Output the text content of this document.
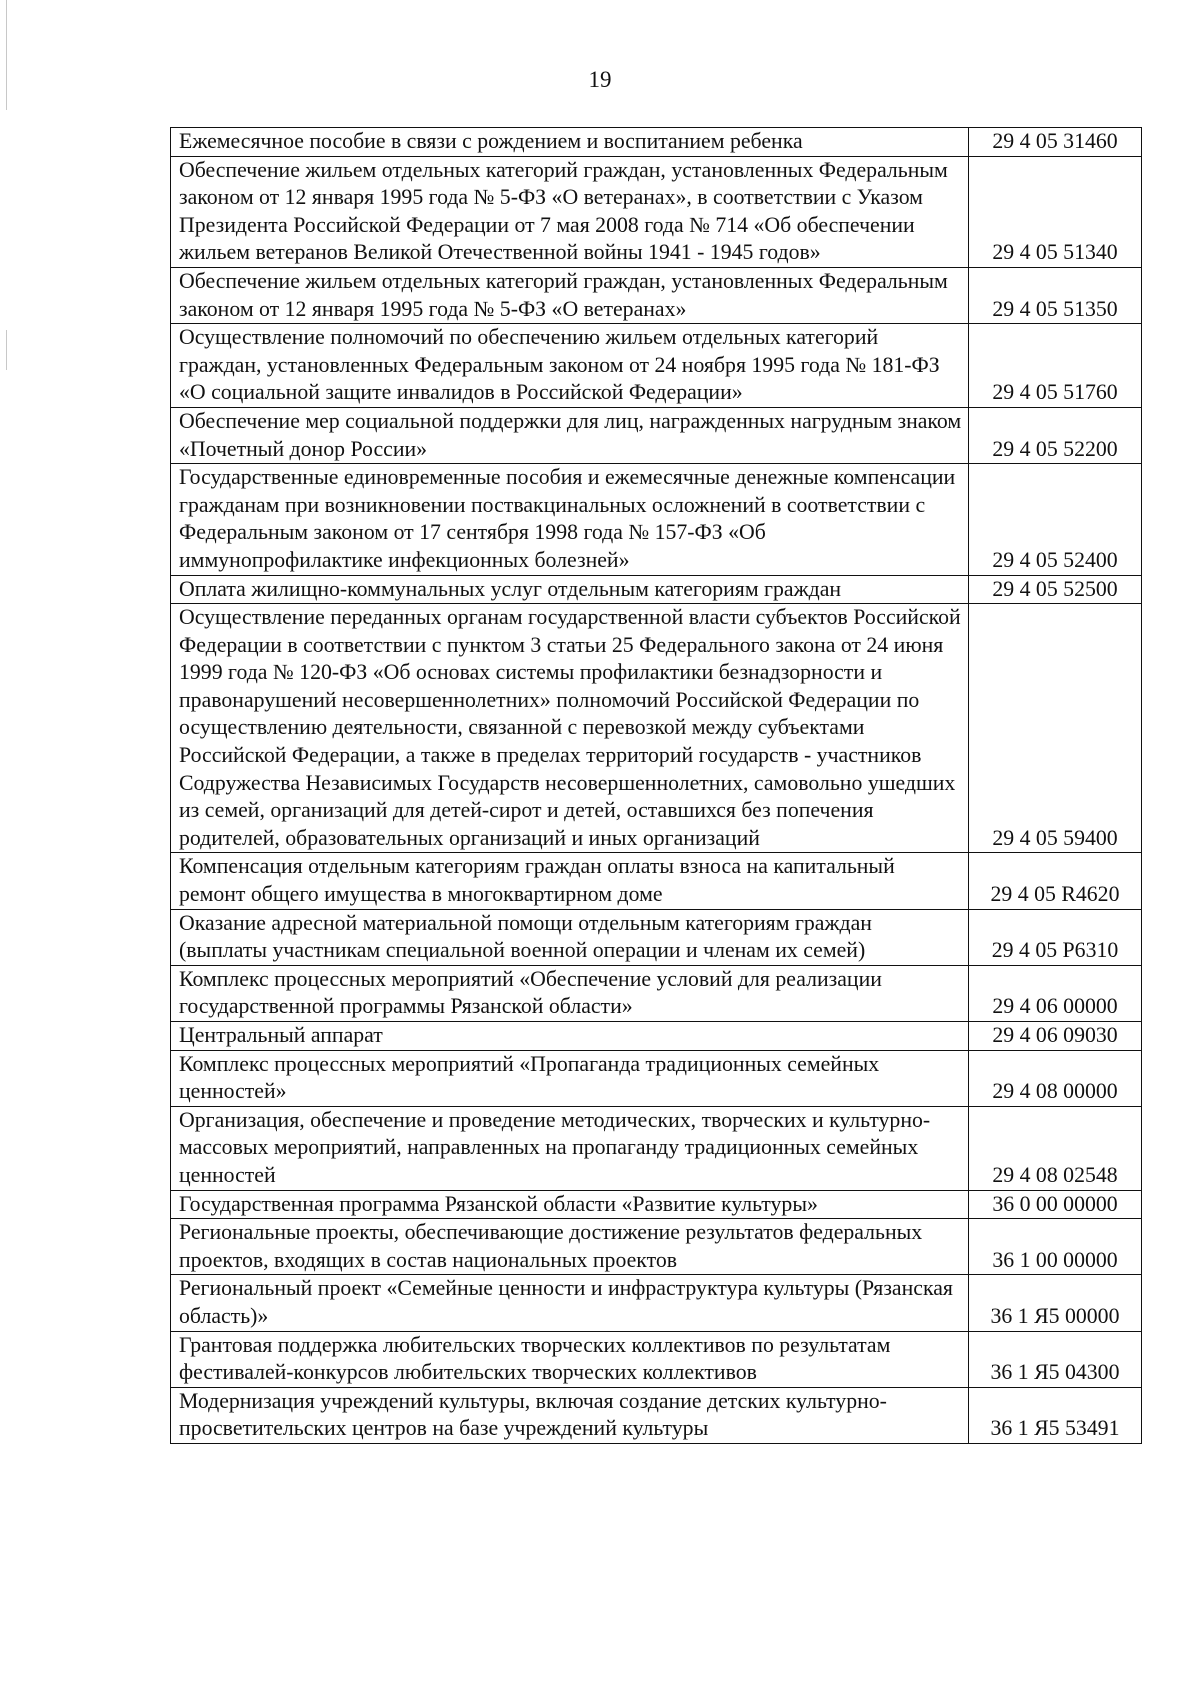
19
Ежемесячное пособие в связи с рождением и воспитанием ребенка	29 4 05 31460
Обеспечение жильем отдельных категорий граждан, установленных Федеральным законом от 12 января 1995 года № 5-ФЗ «О ветеранах», в соответствии с Указом Президента Российской Федерации от 7 мая 2008 года № 714 «Об обеспечении жильем ветеранов Великой Отечественной войны 1941 - 1945 годов»	29 4 05 51340
Обеспечение жильем отдельных категорий граждан, установленных Федеральным законом от 12 января 1995 года № 5-ФЗ «О ветеранах»	29 4 05 51350
Осуществление полномочий по обеспечению жильем отдельных категорий граждан, установленных Федеральным законом от 24 ноября 1995 года № 181-ФЗ «О социальной защите инвалидов в Российской Федерации»	29 4 05 51760
Обеспечение мер социальной поддержки для лиц, награжденных нагрудным знаком «Почетный донор России»	29 4 05 52200
Государственные единовременные пособия и ежемесячные денежные компенсации гражданам при возникновении поствакцинальных осложнений в соответствии с Федеральным законом от 17 сентября 1998 года № 157-ФЗ «Об иммунопрофилактике инфекционных болезней»	29 4 05 52400
Оплата жилищно-коммунальных услуг отдельным категориям граждан	29 4 05 52500
Осуществление переданных органам государственной власти субъектов Российской Федерации в соответствии с пунктом 3 статьи 25 Федерального закона от 24 июня 1999 года № 120-ФЗ «Об основах системы профилактики безнадзорности и правонарушений несовершеннолетних» полномочий Российской Федерации по осуществлению деятельности, связанной с перевозкой между субъектами Российской Федерации, а также в пределах территорий государств - участников Содружества Независимых Государств несовершеннолетних, самовольно ушедших из семей, организаций для детей-сирот и детей, оставшихся без попечения родителей, образовательных организаций и иных организаций	29 4 05 59400
Компенсация отдельным категориям граждан оплаты взноса на капитальный ремонт общего имущества в многоквартирном доме	29 4 05 R4620
Оказание адресной материальной помощи отдельным категориям граждан (выплаты участникам специальной военной операции и членам их семей)	29 4 05 P6310
Комплекс процессных мероприятий «Обеспечение условий для реализации государственной программы Рязанской области»	29 4 06 00000
Центральный аппарат	29 4 06 09030
Комплекс процессных мероприятий «Пропаганда традиционных семейных ценностей»	29 4 08 00000
Организация, обеспечение и проведение методических, творческих и культурно-массовых мероприятий, направленных на пропаганду традиционных семейных ценностей	29 4 08 02548
Государственная программа Рязанской области «Развитие культуры»	36 0 00 00000
Региональные проекты, обеспечивающие достижение результатов федеральных проектов, входящих в состав национальных проектов	36 1 00 00000
Региональный проект «Семейные ценности и инфраструктура культуры (Рязанская область)»	36 1 Я5 00000
Грантовая поддержка любительских творческих коллективов по результатам фестивалей-конкурсов любительских творческих коллективов	36 1 Я5 04300
Модернизация учреждений культуры, включая создание детских культурно-просветительских центров на базе учреждений культуры	36 1 Я5 53491
